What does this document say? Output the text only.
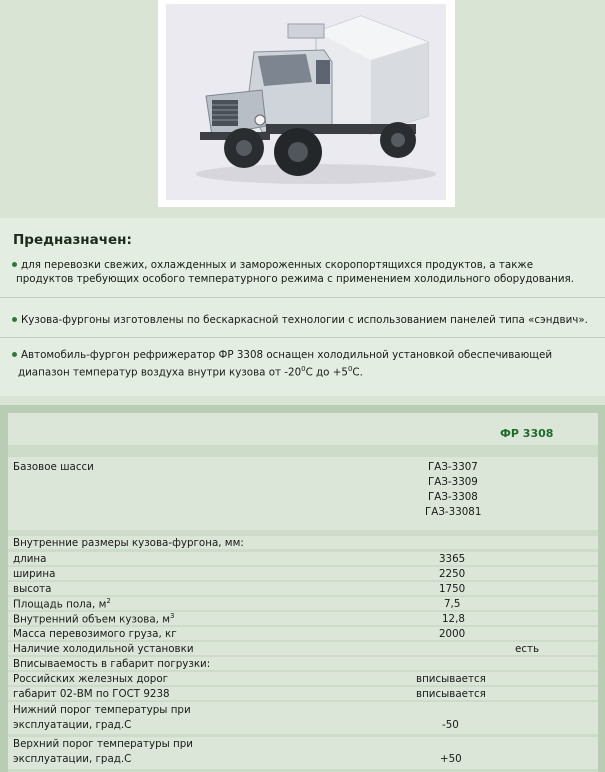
Предназначен:
для перевозки свежих, охлажденных и замороженных скоропортящихся продуктов, а также
продуктов требующих особого температурного режима с применением холодильного оборудования.
Кузова-фургоны изготовлены по бескаркасной технологии с использованием панелей типа «сэндвич».
Автомобиль-фургон рефрижератор ФР 3308 оснащен холодильной установкой обеспечивающей
диапазон температур воздуха внутри кузова от $-20^0С$ до $+5^0С$.
ФР 3308
Базовое шасси	ГАЗ-3307
ГАЗ-3309
ГАЗ-3308
ГАЗ-33081
Внутренние размеры кузова-фургона, мм:
длина	3365
ширина	2250
высота	1750
Площадь пола, $м^2$	7,5
Внутренний объем кузова, $м^3$	12,8
Масса перевозимого груза, кг	2000
Наличие холодильной установки	есть
Вписываемость в габарит погрузки:
Российских железных дорог	вписывается
габарит 02-ВМ по ГОСТ 9238	вписывается
Нижний порог температуры при
эксплуатации, град.С	-50
Верхний порог температуры при
эксплуатации, град.С	+50
